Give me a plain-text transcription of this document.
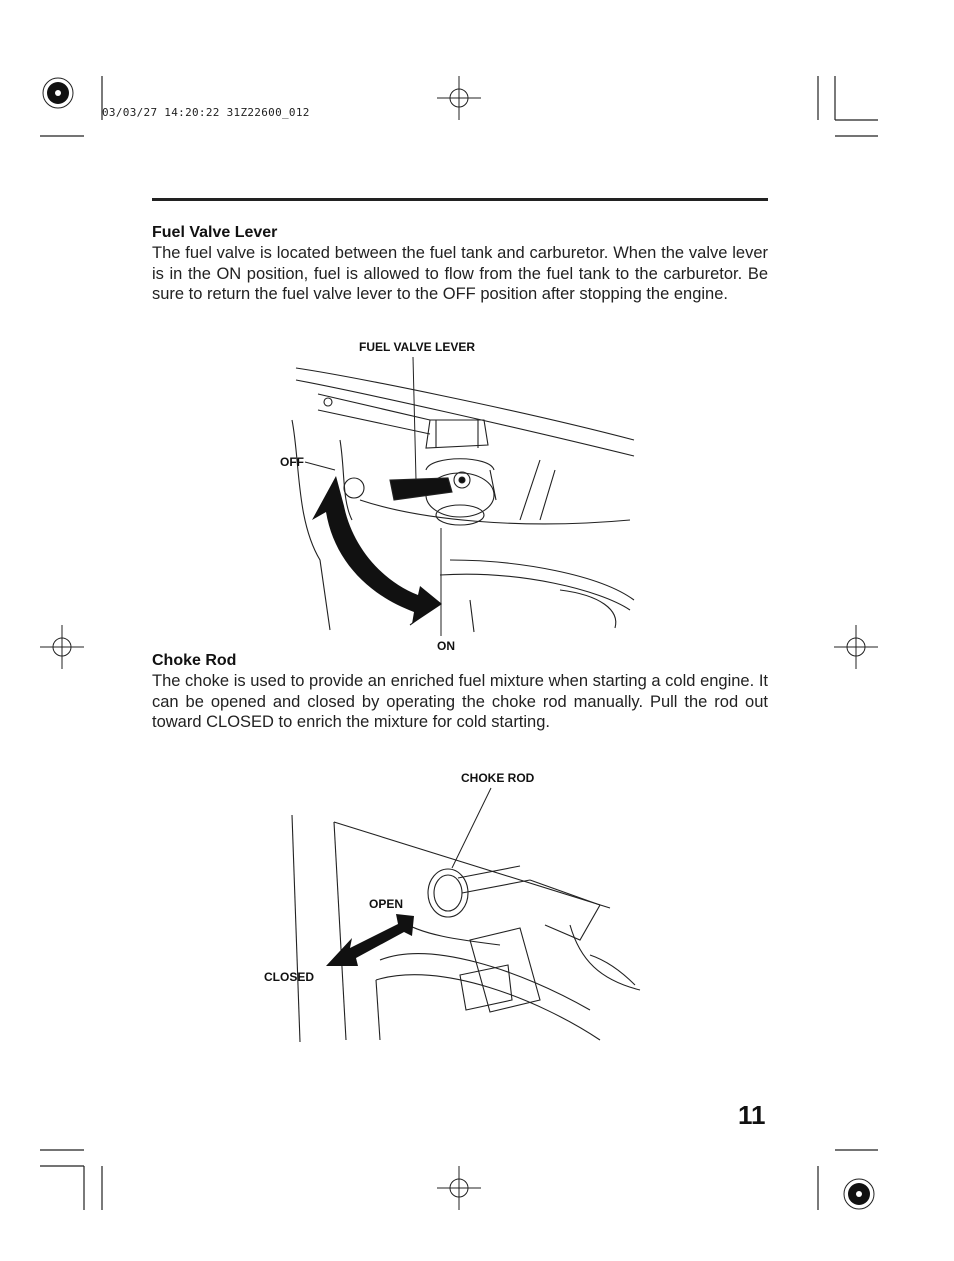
03/03/27 14:20:22 31Z22600_012
Fuel Valve Lever
The fuel valve is located between the fuel tank and carburetor. When the valve lever is in the ON position, fuel is allowed to flow from the fuel tank to the carburetor. Be sure to return the fuel valve lever to the OFF position after stopping the engine.
FUEL VALVE LEVER
OFF
ON
Choke Rod
The choke is used to provide an enriched fuel mixture when starting a cold engine. It can be opened and closed by operating the choke rod manually. Pull the rod out toward CLOSED to enrich the mixture for cold starting.
CHOKE ROD
OPEN
CLOSED
11
